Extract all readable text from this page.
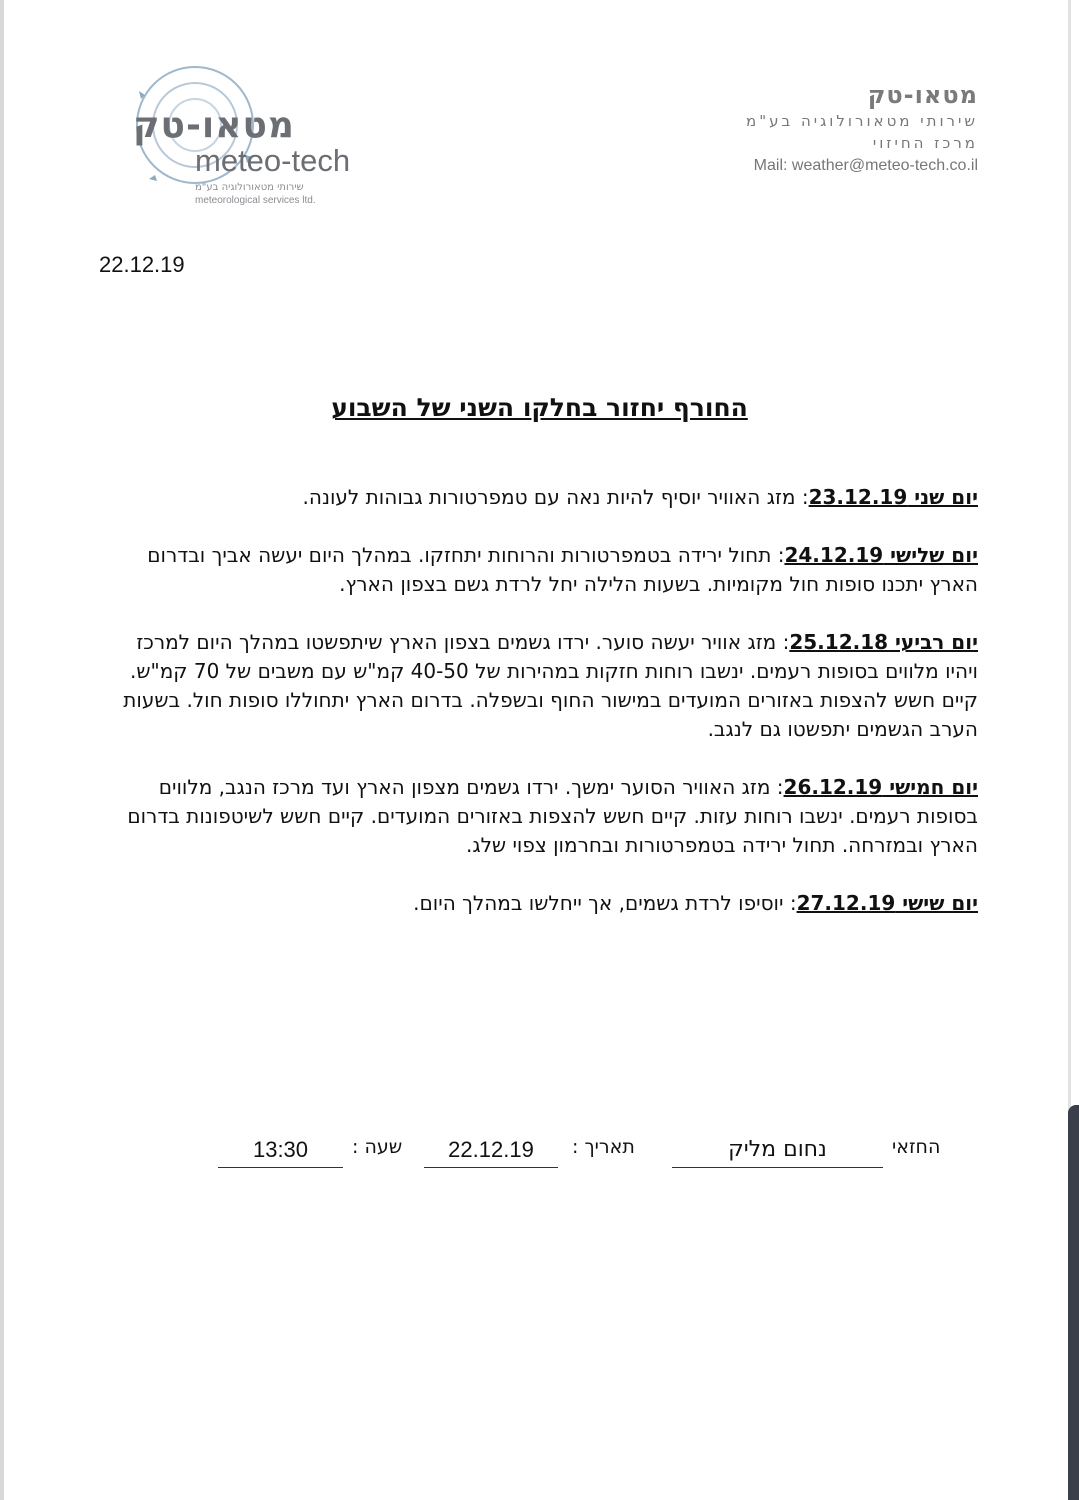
מטאו-טק
meteo-tech
שירותי מטאורולוגיה בע"מ
meteorological services ltd.
מטאו-טק
שירותי מטאורולוגיה בע"מ
מרכז החיזוי
Mail: weather@meteo-tech.co.il
22.12.19
החורף יחזור בחלקו השני של השבוע

יום שני 23.12.19: מזג האוויר יוסיף להיות נאה עם טמפרטורות גבוהות לעונה.

יום שלישי 24.12.19: תחול ירידה בטמפרטורות והרוחות יתחזקו. במהלך היום יעשה אביך ובדרום הארץ יתכנו סופות חול מקומיות. בשעות הלילה יחל לרדת גשם בצפון הארץ.

יום רביעי 25.12.18: מזג אוויר יעשה סוער. ירדו גשמים בצפון הארץ שיתפשטו במהלך היום למרכז ויהיו מלווים בסופות רעמים. ינשבו רוחות חזקות במהירות של 40-50 קמ"ש עם משבים של 70 קמ"ש. קיים חשש להצפות באזורים המועדים במישור החוף ובשפלה. בדרום הארץ יתחוללו סופות חול. בשעות הערב הגשמים יתפשטו גם לנגב.

יום חמישי 26.12.19: מזג האוויר הסוער ימשך. ירדו גשמים מצפון הארץ ועד מרכז הנגב, מלווים בסופות רעמים. ינשבו רוחות עזות. קיים חשש להצפות באזורים המועדים. קיים חשש לשיטפונות בדרום הארץ ובמזרחה. תחול ירידה בטמפרטורות ובחרמון צפוי שלג.

יום שישי 27.12.19: יוסיפו לרדת גשמים, אך ייחלשו במהלך היום.

החזאי
נחום מליק
תאריך :
22.12.19
שעה :
13:30
